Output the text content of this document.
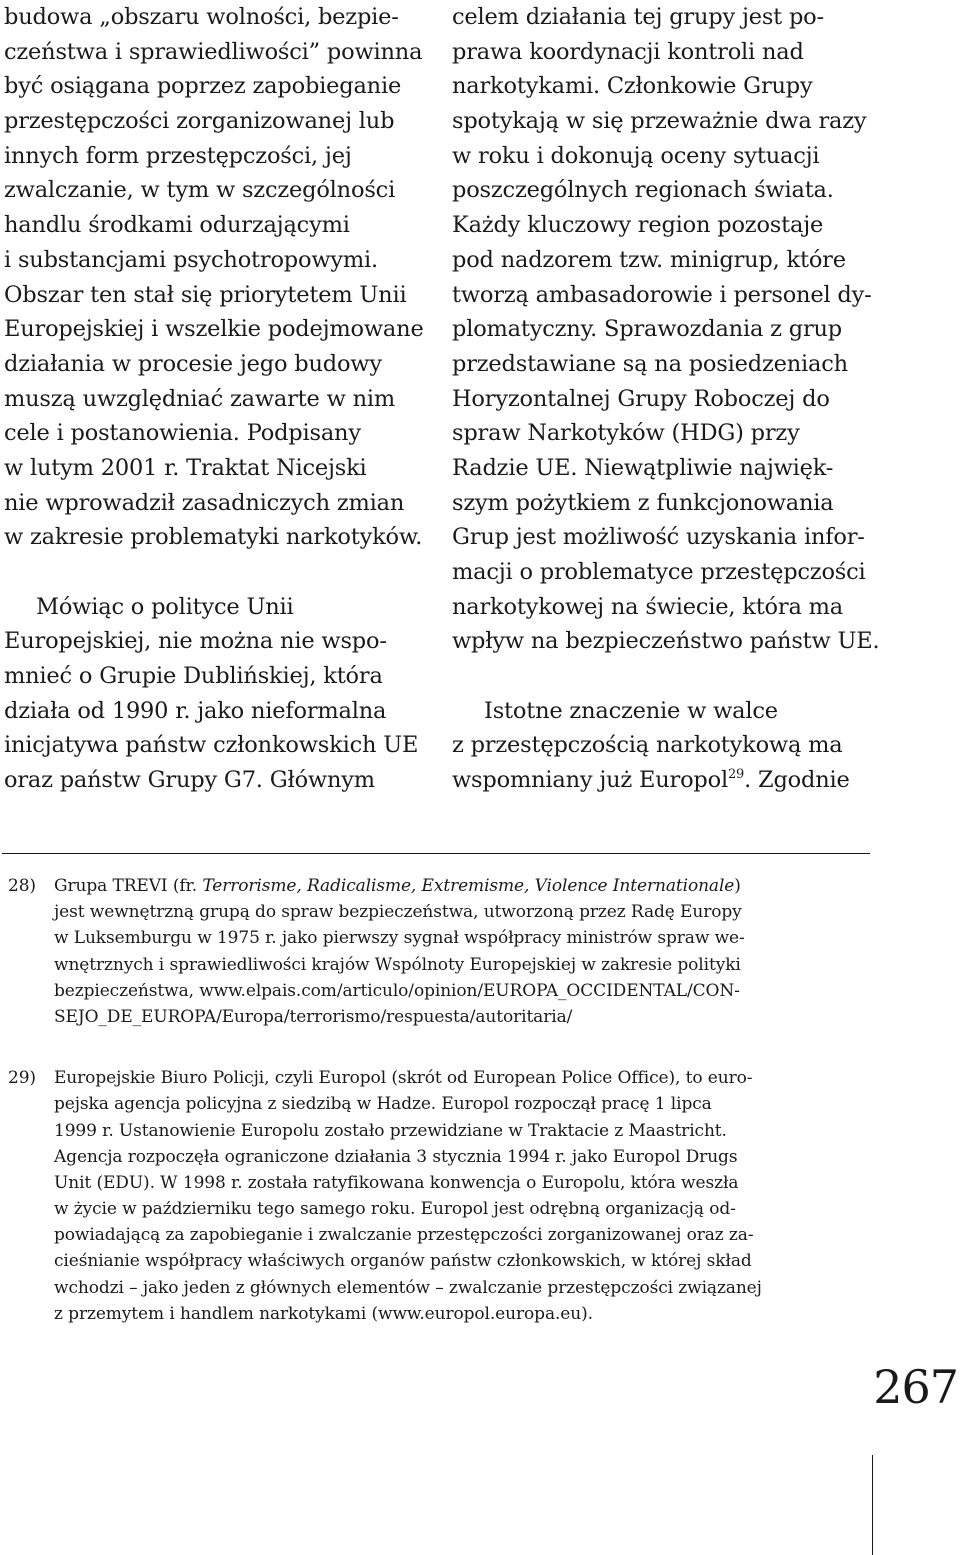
budowa „obszaru wolności, bezpie-
czeństwa i sprawiedliwości” powinna
być osiągana poprzez zapobieganie
przestępczości zorganizowanej lub
innych form przestępczości, jej
zwalczanie, w tym w szczególności
handlu środkami odurzającymi
i substancjami psychotropowymi.
Obszar ten stał się priorytetem Unii
Europejskiej i wszelkie podejmowane
działania w procesie jego budowy
muszą uwzględniać zawarte w nim
cele i postanowienia. Podpisany
w lutym 2001 r. Traktat Nicejski
nie wprowadził zasadniczych zmian
w zakresie problematyki narkotyków.
Mówiąc o polityce Unii
Europejskiej, nie można nie wspo-
mnieć o Grupie Dublińskiej, która
działa od 1990 r. jako nieformalna
inicjatywa państw członkowskich UE
oraz państw Grupy G7. Głównym
celem działania tej grupy jest po-
prawa koordynacji kontroli nad
narkotykami. Członkowie Grupy
spotykają w się przeważnie dwa razy
w roku i dokonują oceny sytuacji
poszczególnych regionach świata.
Każdy kluczowy region pozostaje
pod nadzorem tzw. minigrup, które
tworzą ambasadorowie i personel dy-
plomatyczny. Sprawozdania z grup
przedstawiane są na posiedzeniach
Horyzontalnej Grupy Roboczej do
spraw Narkotyków (HDG) przy
Radzie UE. Niewątpliwie najwięk-
szym pożytkiem z funkcjonowania
Grup jest możliwość uzyskania infor-
macji o problematyce przestępczości
narkotykowej na świecie, która ma
wpływ na bezpieczeństwo państw UE.
Istotne znaczenie w walce
z przestępczością narkotykową ma
wspomniany już Europol$^{29}$. Zgodnie
28)	Grupa TREVI (fr. Terrorisme, Radicalisme, Extremisme, Violence Internationale)
jest wewnętrzną grupą do spraw bezpieczeństwa, utworzoną przez Radę Europy
w Luksemburgu w 1975 r. jako pierwszy sygnał współpracy ministrów spraw we-
wnętrznych i sprawiedliwości krajów Wspólnoty Europejskiej w zakresie polityki
bezpieczeństwa, www.elpais.com/articulo/opinion/EUROPA_OCCIDENTAL/CON-
SEJO_DE_EUROPA/Europa/terrorismo/respuesta/autoritaria/
29)	Europejskie Biuro Policji, czyli Europol (skrót od European Police Office), to euro-
pejska agencja policyjna z siedzibą w Hadze. Europol rozpoczął pracę 1 lipca
1999 r. Ustanowienie Europolu zostało przewidziane w Traktacie z Maastricht.
Agencja rozpoczęła ograniczone działania 3 stycznia 1994 r. jako Europol Drugs
Unit (EDU). W 1998 r. została ratyfikowana konwencja o Europolu, która weszła
w życie w październiku tego samego roku. Europol jest odrębną organizacją od-
powiadającą za zapobieganie i zwalczanie przestępczości zorganizowanej oraz za-
cieśnianie współpracy właściwych organów państw członkowskich, w której skład
wchodzi – jako jeden z głównych elementów – zwalczanie przestępczości związanej
z przemytem i handlem narkotykami (www.europol.europa.eu).
267
